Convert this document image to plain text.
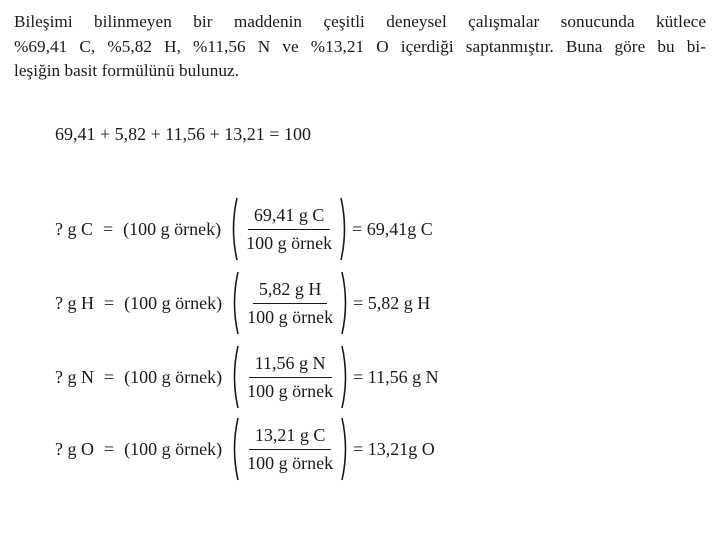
Bileşimi bilinmeyen bir maddenin çeşitli deneysel çalışmalar sonucunda kütlece
%69,41 C, %5,82 H, %11,56 N ve %13,21 O içerdiği saptanmıştır. Buna göre bu bi-
leşiğin basit formülünü bulunuz.
69,41 + 5,82 + 11,56 + 13,21 = 100
? g C = (100 g örnek) $\frac{\text{69,41 g C}}{\text{100 g örnek}} = 69,41g$ C
? g H = (100 g örnek) $\frac{\text{5,82 g H}}{\text{100 g örnek}} = 5,82$ g H
? g N = (100 g örnek) $\frac{\text{11,56 g N}}{\text{100 g örnek}} = 11,56$ g N
? g O = (100 g örnek) $\frac{\text{13,21 g C}}{\text{100 g örnek}} = 13,21g$ O
